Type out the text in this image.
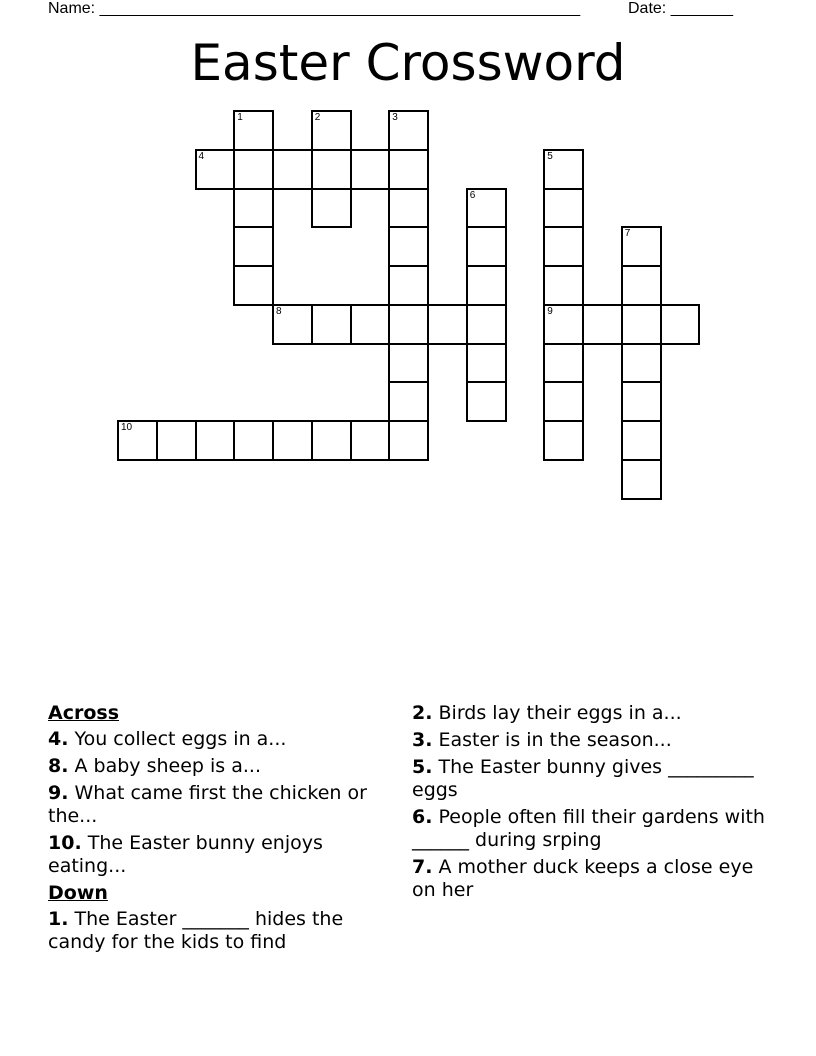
Name: ______________________________________________________	Date: _______
Easter Crossword
1	2	3
4	5
6
7
8	9
10
Across
4. You collect eggs in a...
8. A baby sheep is a...
9. What came first the chicken or the...
10. The Easter bunny enjoys eating...
Down
1. The Easter _______ hides the candy for the kids to find
2. Birds lay their eggs in a...
3. Easter is in the season...
5. The Easter bunny gives _________ eggs
6. People often fill their gardens with ______ during srping
7. A mother duck keeps a close eye on her
